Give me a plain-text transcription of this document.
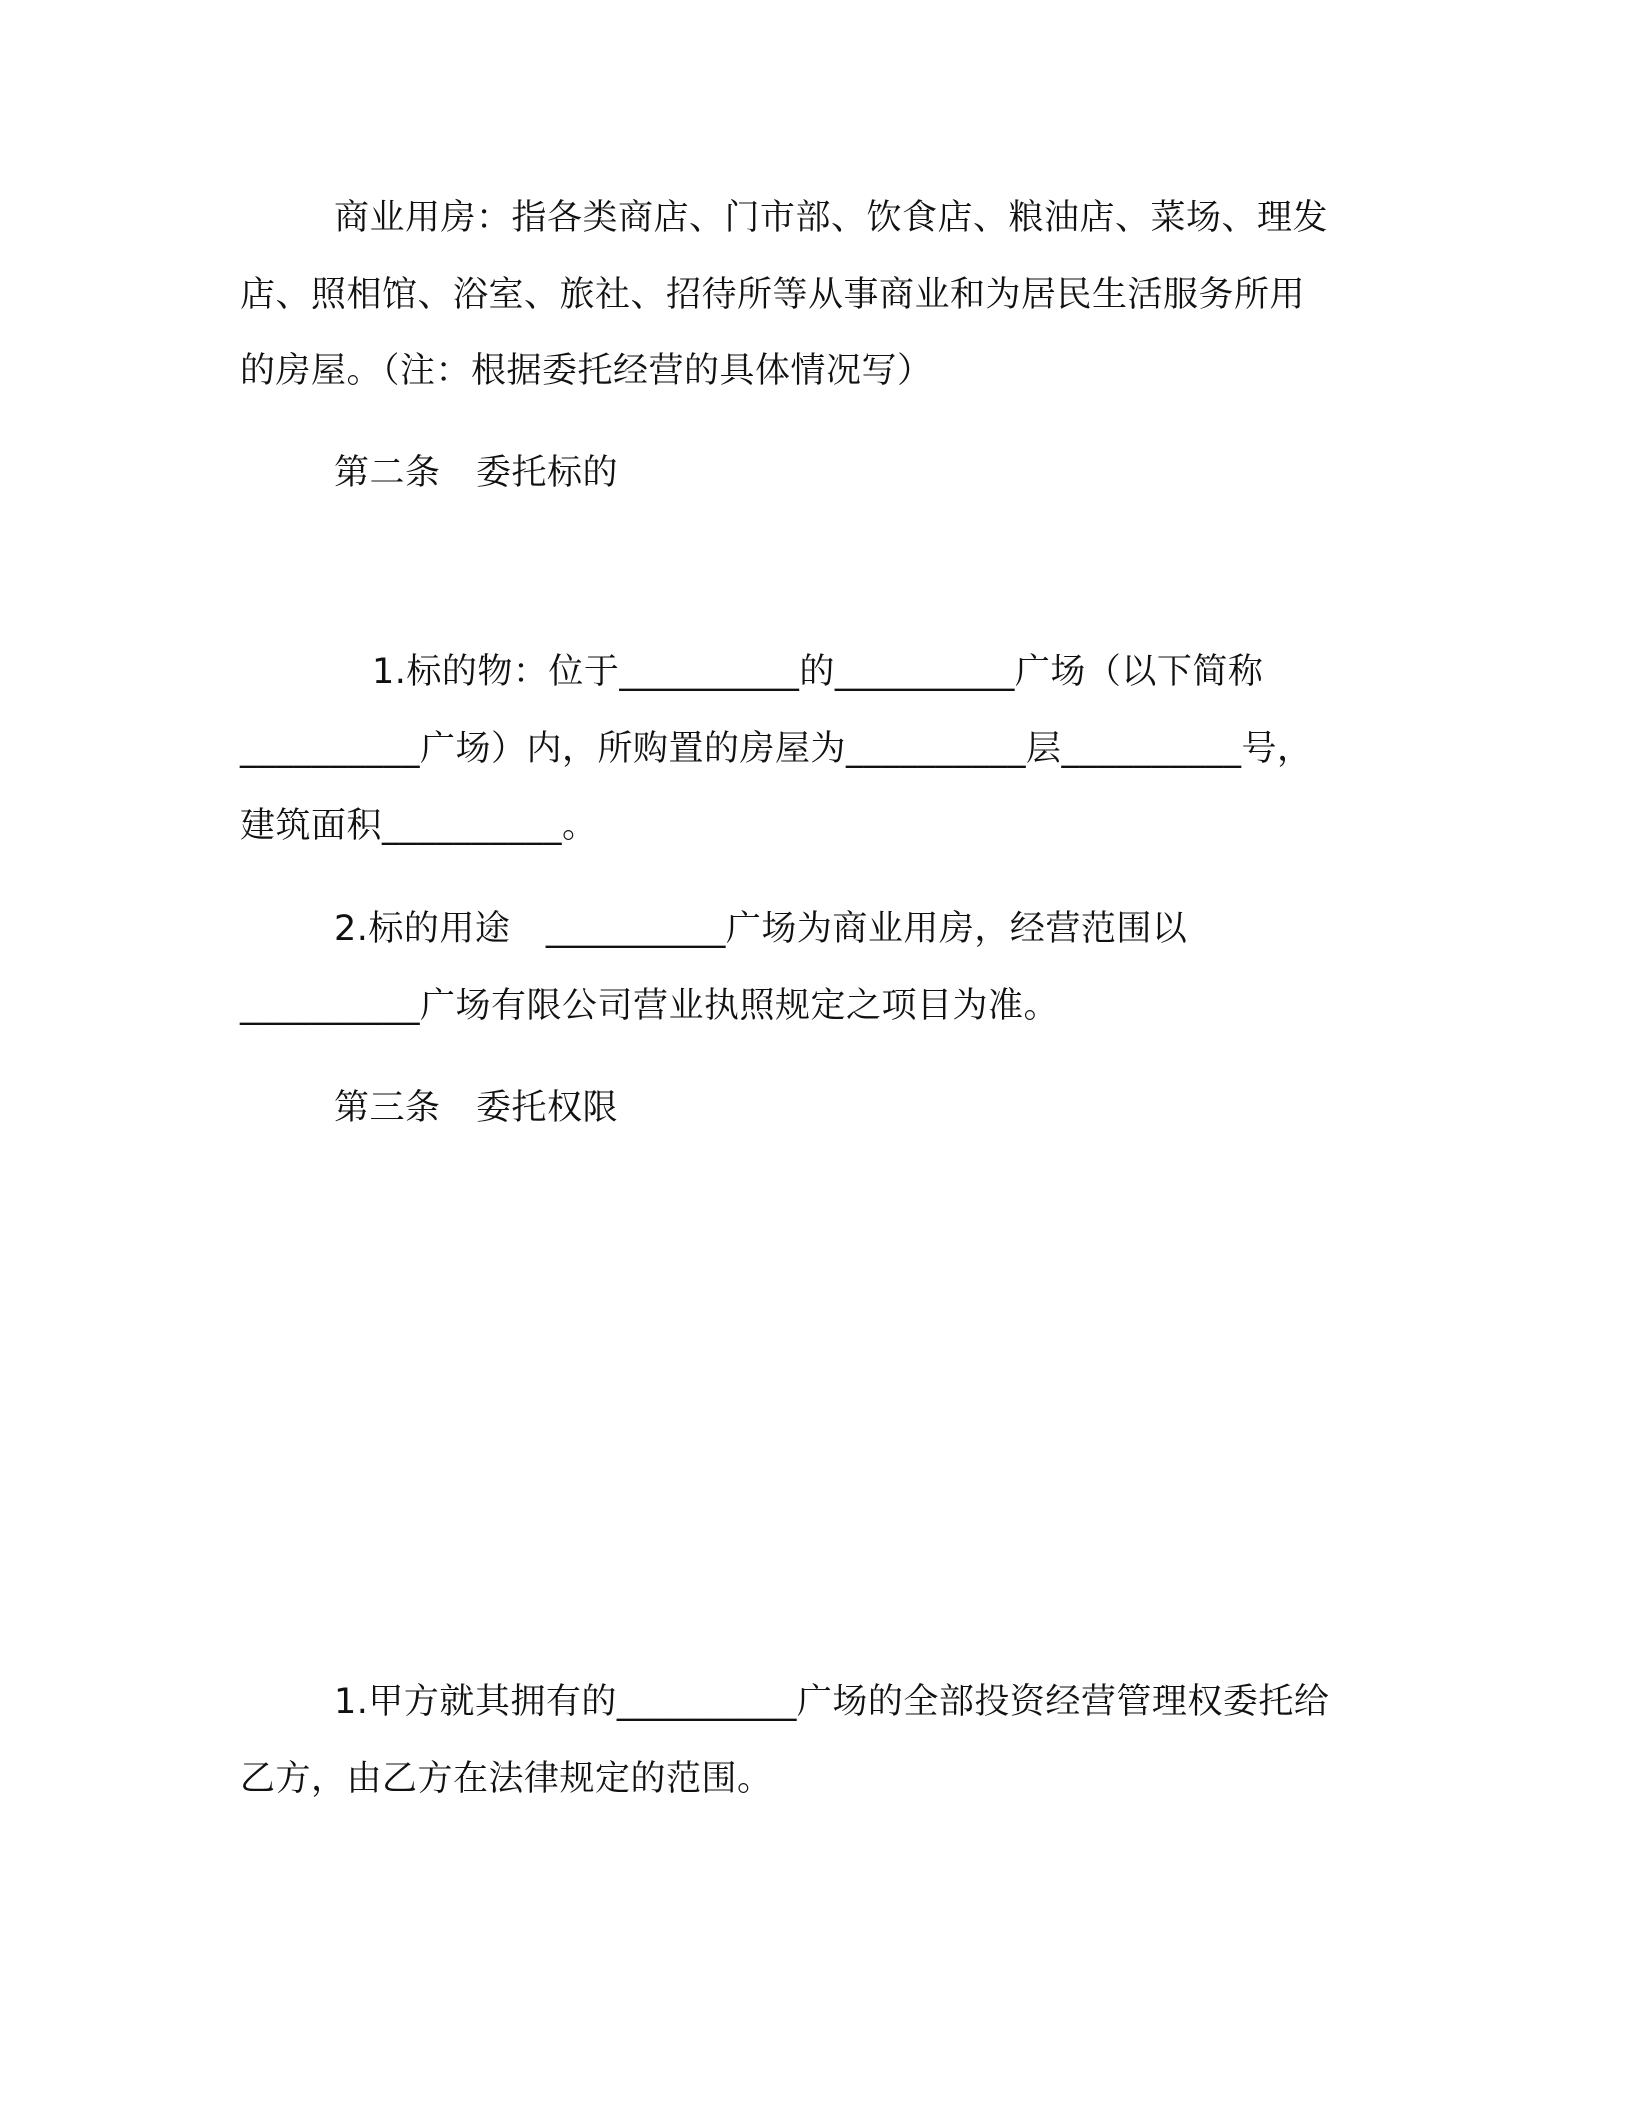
商业用房：指各类商店、门市部、饮食店、粮油店、菜场、理发
店、照相馆、浴室、旅社、招待所等从事商业和为居民生活服务所用
的房屋。（注：根据委托经营的具体情况写）
第二条　委托标的
1.标的物：位于__________的__________广场（以下简称
__________广场）内，所购置的房屋为__________层__________号，
建筑面积__________。
2.标的用途　__________广场为商业用房，经营范围以
__________广场有限公司营业执照规定之项目为准。
第三条　委托权限
1.甲方就其拥有的__________广场的全部投资经营管理权委托给
乙方，由乙方在法律规定的范围。
